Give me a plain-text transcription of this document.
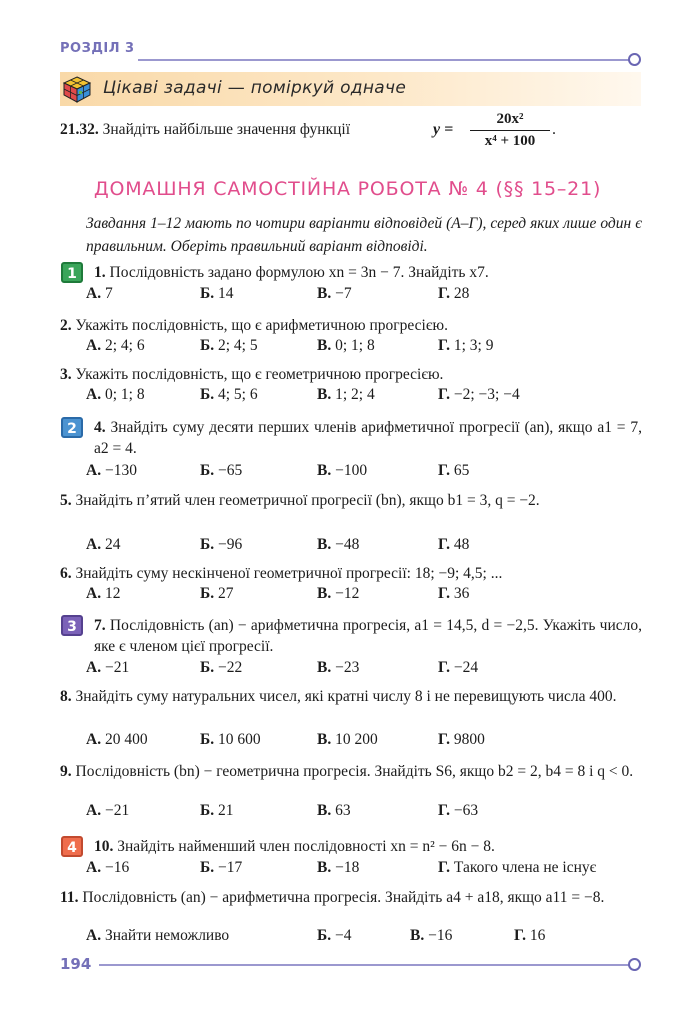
РОЗДІЛ 3
Цікаві задачі — поміркуй одначе
21.32. Знайдіть найбільше значення функції	$y = \frac{\text{20x²}}{\text{x⁴ + 100}}$ .
ДОМАШНЯ САМОСТІЙНА РОБОТА № 4 (§§ 15–21)
Завдання 1–12 мають по чотири варіанти відповідей (А–Г), серед яких лише один є правильним. Оберіть правильний варіант відповіді.
1
2
3
4
1. Послідовність задано формулою xn = 3n − 7. Знайдіть x7.
А. 7	Б. 14	В. −7	Г. 28
2. Укажіть послідовність, що є арифметичною прогресією.
А. 2; 4; 6	Б. 2; 4; 5	В. 0; 1; 8	Г. 1; 3; 9
3. Укажіть послідовність, що є геометричною прогресією.
А. 0; 1; 8	Б. 4; 5; 6	В. 1; 2; 4	Г. −2; −3; −4
4. Знайдіть суму десяти перших членів арифметичної прогресії (an), якщо a1 = 7, a2 = 4.
А. −130	Б. −65	В. −100	Г. 65
5. Знайдіть п’ятий член геометричної прогресії (bn), якщо b1 = 3, q = −2.
А. 24	Б. −96	В. −48	Г. 48
6. Знайдіть суму нескінченої геометричної прогресії: 18; −9; 4,5; ...
А. 12	Б. 27	В. −12	Г. 36
7. Послідовність (an) − арифметична прогресія, a1 = 14,5, d = −2,5. Укажіть число, яке є членом цієї прогресії.
А. −21	Б. −22	В. −23	Г. −24
8. Знайдіть суму натуральних чисел, які кратні числу 8 і не перевищують числа 400.
А. 20 400	Б. 10 600	В. 10 200	Г. 9800
9. Послідовність (bn) − геометрична прогресія. Знайдіть S6, якщо b2 = 2, b4 = 8 і q < 0.
А. −21	Б. 21	В. 63	Г. −63
10. Знайдіть найменший член послідовності xn = n² − 6n − 8.
А. −16	Б. −17	В. −18	Г. Такого члена не існує
11. Послідовність (an) − арифметична прогресія. Знайдіть a4 + a18, якщо a11 = −8.
А. Знайти неможливо	Б. −4	В. −16	Г. 16
194
